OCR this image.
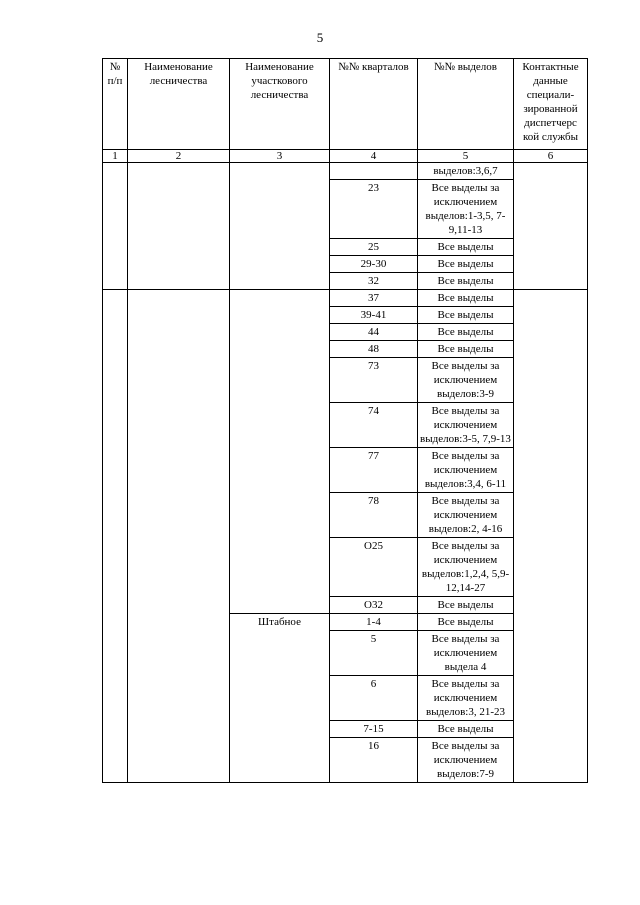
5
№ п/п	Наименование лесничества	Наименование участкового лесничества	№№ кварталов	№№ выделов	Контактные данные специали-зированной диспетчерс кой службы
1	2	3	4	5	6
				выделов:3,6,7	
			23	Все выделы за исключением выделов:1-3,5, 7-9,11-13	
			25	Все выделы	
			29-30	Все выделы	
			32	Все выделы	
			37	Все выделы	
			39-41	Все выделы	
			44	Все выделы	
			48	Все выделы	
			73	Все выделы за исключением выделов:3-9	
			74	Все выделы за исключением выделов:3-5, 7,9-13	
			77	Все выделы за исключением выделов:3,4, 6-11	
			78	Все выделы за исключением выделов:2, 4-16	
			О25	Все выделы за исключением выделов:1,2,4, 5,9-12,14-27	
			О32	Все выделы	
		Штабное	1-4	Все выделы	
			5	Все выделы за исключением выдела 4	
			6	Все выделы за исключением выделов:3, 21-23	
			7-15	Все выделы	
			16	Все выделы за исключением выделов:7-9	
